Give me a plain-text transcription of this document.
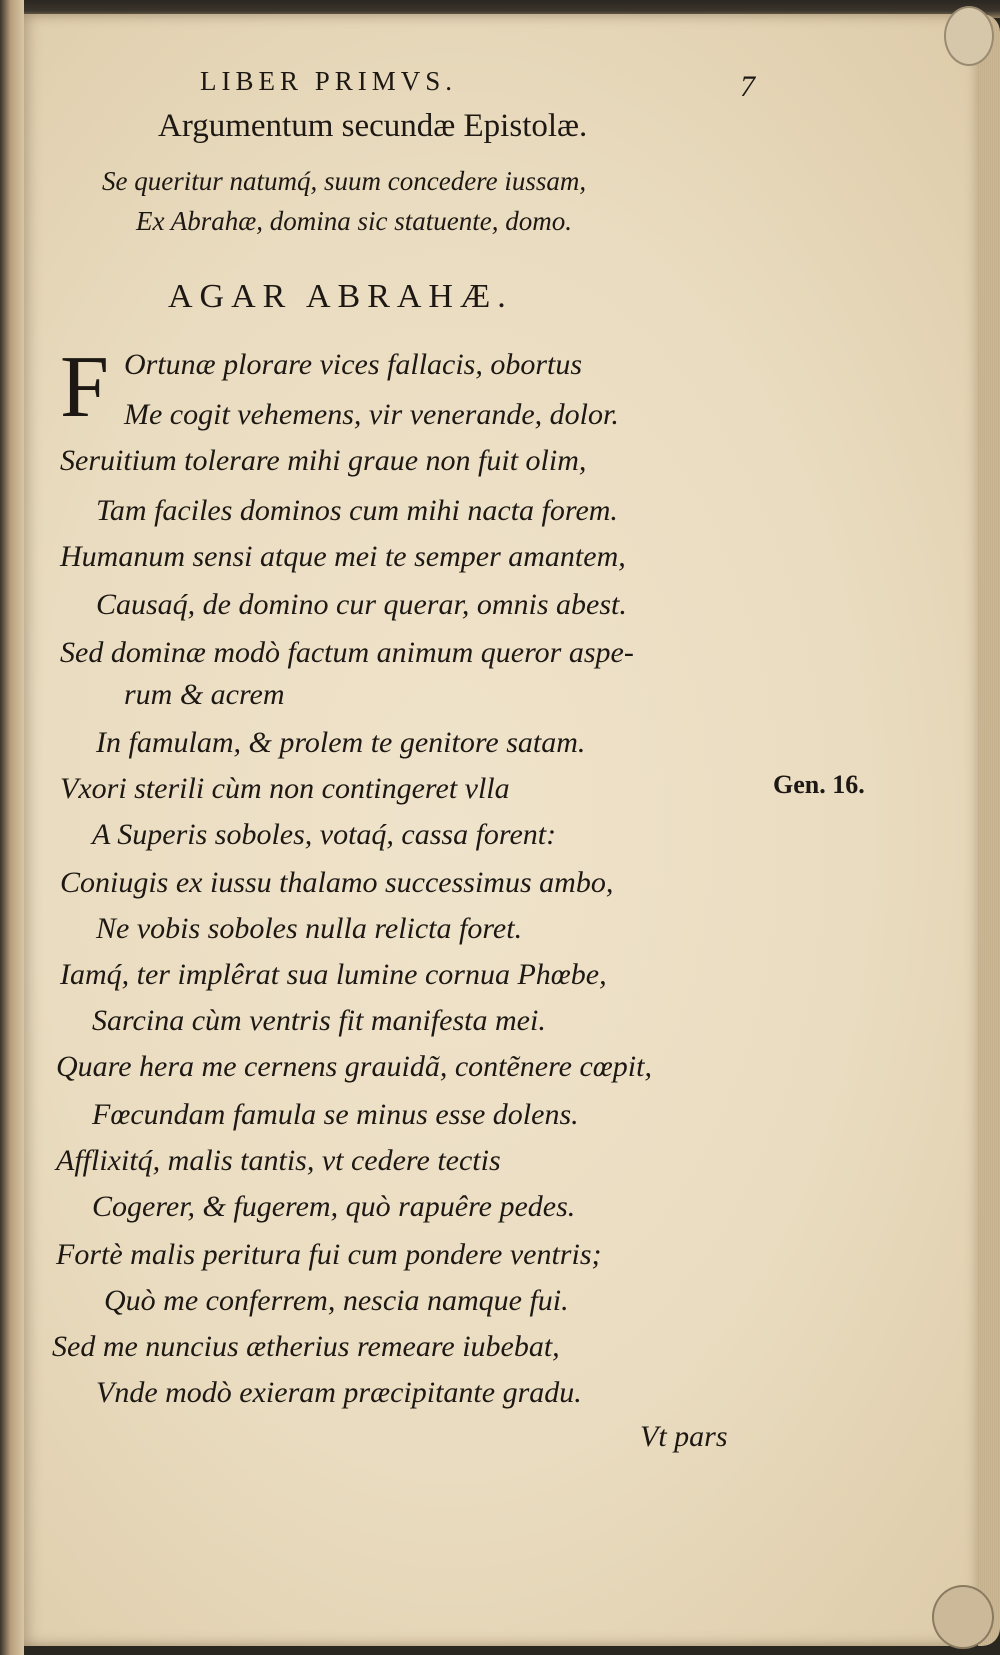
LIBER PRIMVS.	7
Argumentum secundæ Epistolæ.
Se queritur natumq́, suum concedere iussam,
Ex Abrahæ, domina sic statuente, domo.
AGAR ABRAHÆ.
F Ortunæ plorare vices fallacis, obortus
Me cogit vehemens, vir venerande, dolor.
Seruitium tolerare mihi graue non fuit olim,
Tam faciles dominos cum mihi nacta forem.
Humanum sensi atque mei te semper amantem,
Causaq́, de domino cur querar, omnis abest.
Sed dominæ modò factum animum queror aspe-
rum & acrem
In famulam, & prolem te genitore satam.
Vxori sterili cùm non contingeret vlla
A Superis soboles, votaq́, cassa forent:
Coniugis ex iussu thalamo successimus ambo,
Ne vobis soboles nulla relicta foret.
Iamq́, ter implêrat sua lumine cornua Phœbe,
Sarcina cùm ventris fit manifesta mei.
Quare hera me cernens grauidã, contẽnere cœpit,
Fœcundam famula se minus esse dolens.
Afflixitq́, malis tantis, vt cedere tectis
Cogerer, & fugerem, quò rapuêre pedes.
Fortè malis peritura fui cum pondere ventris;
Quò me conferrem, nescia namque fui.
Sed me nuncius ætherius remeare iubebat,
Vnde modò exieram præcipitante gradu.
Gen. 16.
Vt pars
